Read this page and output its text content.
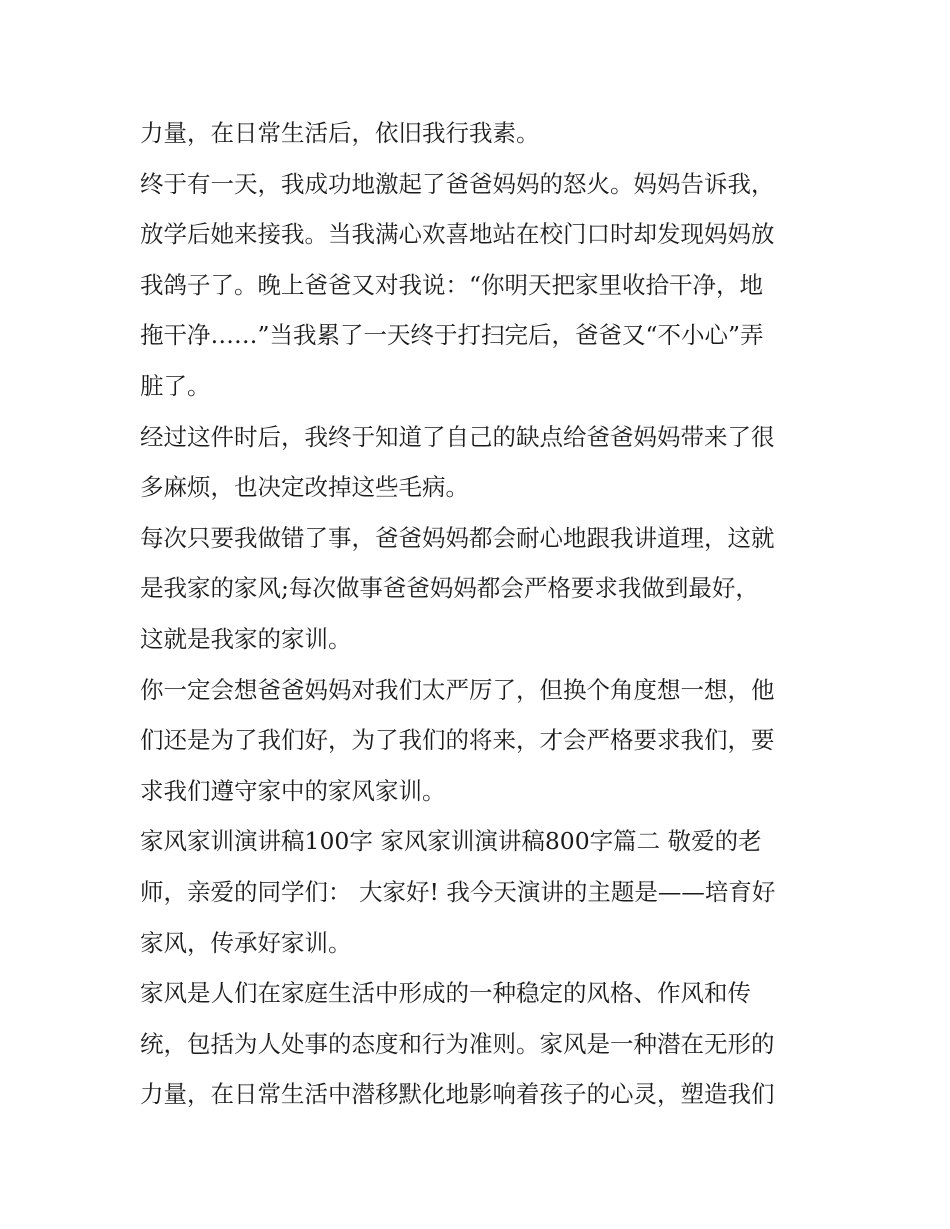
力量，在日常生活后，依旧我行我素。
终于有一天，我成功地激起了爸爸妈妈的怒火。妈妈告诉我，
放学后她来接我。当我满心欢喜地站在校门口时却发现妈妈放
我鸽子了。晚上爸爸又对我说：“你明天把家里收拾干净，地
拖干净……”当我累了一天终于打扫完后，爸爸又“不小心”弄
脏了。
经过这件时后，我终于知道了自己的缺点给爸爸妈妈带来了很
多麻烦，也决定改掉这些毛病。
每次只要我做错了事，爸爸妈妈都会耐心地跟我讲道理，这就
是我家的家风;每次做事爸爸妈妈都会严格要求我做到最好，
这就是我家的家训。
你一定会想爸爸妈妈对我们太严厉了，但换个角度想一想，他
们还是为了我们好，为了我们的将来，才会严格要求我们，要
求我们遵守家中的家风家训。
家风家训演讲稿100字 家风家训演讲稿800字篇二 敬爱的老
师，亲爱的同学们： 大家好! 我今天演讲的主题是——培育好
家风，传承好家训。
家风是人们在家庭生活中形成的一种稳定的风格、作风和传
统，包括为人处事的态度和行为准则。家风是一种潜在无形的
力量，在日常生活中潜移默化地影响着孩子的心灵，塑造我们
